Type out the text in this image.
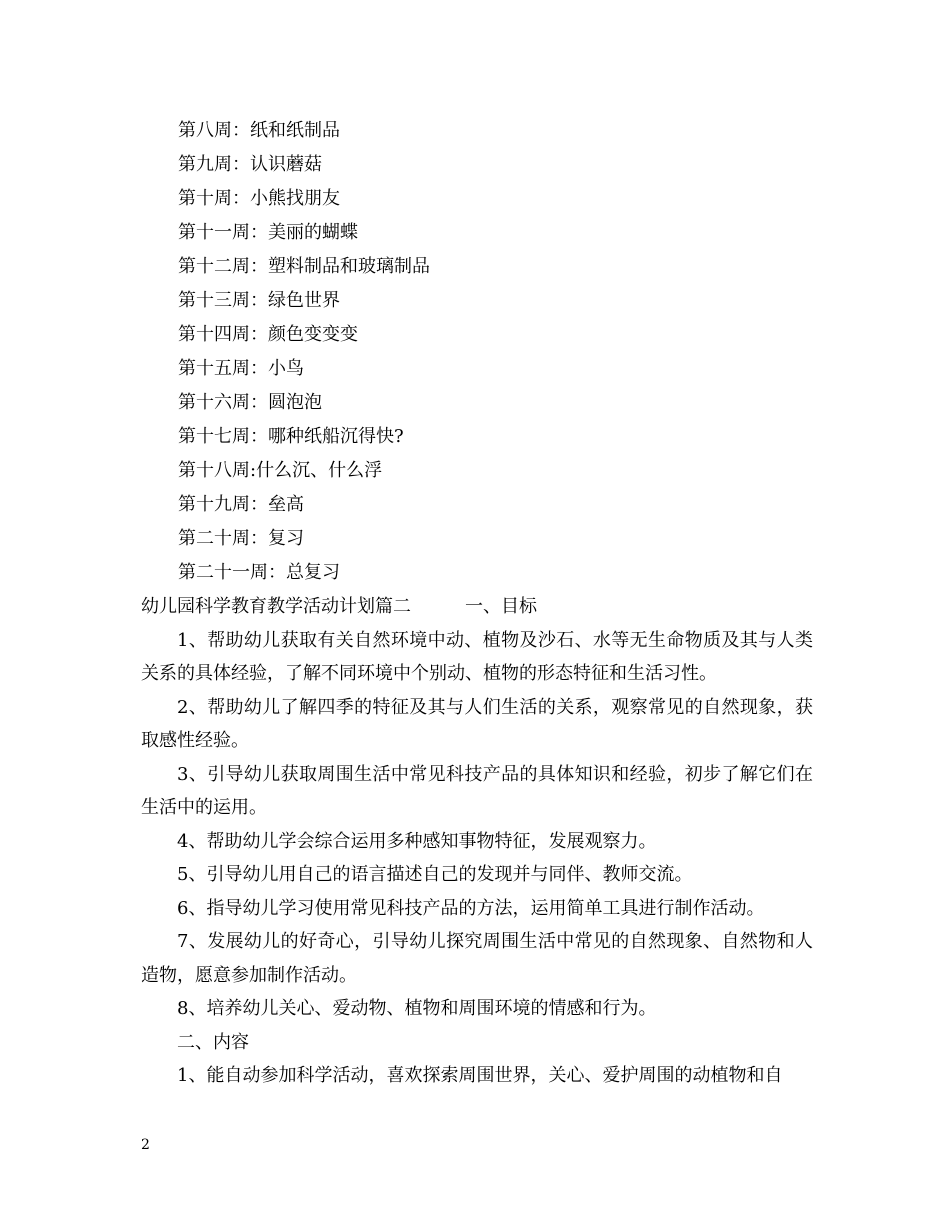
第八周：纸和纸制品
第九周：认识蘑菇
第十周：小熊找朋友
第十一周：美丽的蝴蝶
第十二周：塑料制品和玻璃制品
第十三周：绿色世界
第十四周：颜色变变变
第十五周：小鸟
第十六周：圆泡泡
第十七周：哪种纸船沉得快?
第十八周:什么沉、什么浮
第十九周：垒高
第二十周：复习
第二十一周：总复习

幼儿园科学教育教学活动计划篇二	一、目标

1、帮助幼儿获取有关自然环境中动、植物及沙石、水等无生命物质及其与人类关系的具体经验，了解不同环境中个别动、植物的形态特征和生活习性。

2、帮助幼儿了解四季的特征及其与人们生活的关系，观察常见的自然现象，获取感性经验。

3、引导幼儿获取周围生活中常见科技产品的具体知识和经验，初步了解它们在生活中的运用。

4、帮助幼儿学会综合运用多种感知事物特征，发展观察力。

5、引导幼儿用自己的语言描述自己的发现并与同伴、教师交流。

6、指导幼儿学习使用常见科技产品的方法，运用简单工具进行制作活动。

7、发展幼儿的好奇心，引导幼儿探究周围生活中常见的自然现象、自然物和人造物，愿意参加制作活动。

8、培养幼儿关心、爱动物、植物和周围环境的情感和行为。

二、内容

1、能自动参加科学活动，喜欢探索周围世界，关心、爱护周围的动植物和自

2
